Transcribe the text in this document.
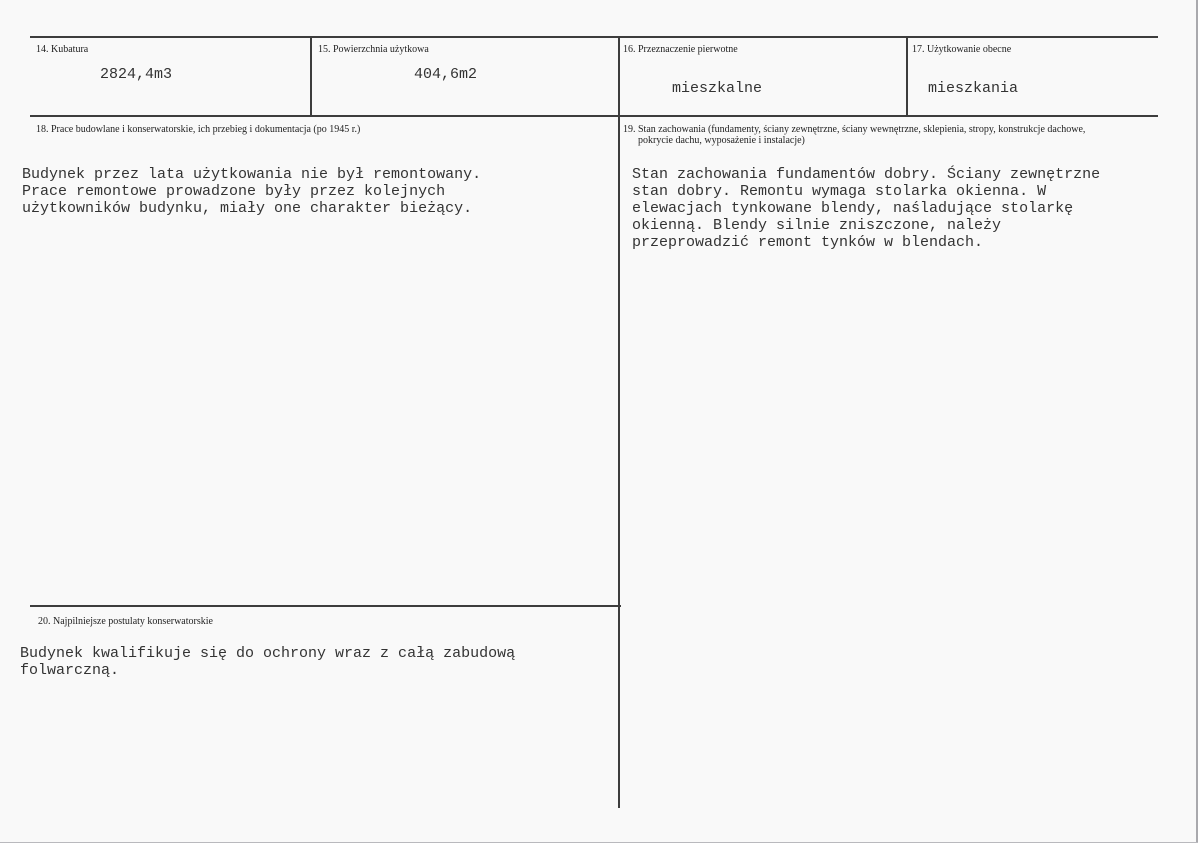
14. Kubatura
2824,4m3
15. Powierzchnia użytkowa
404,6m2
16. Przeznaczenie pierwotne
mieszkalne
17. Użytkowanie obecne
mieszkania
18. Prace budowlane i konserwatorskie, ich przebieg i dokumentacja (po 1945 r.)
Budynek przez lata użytkowania nie był remontowany.
Prace remontowe prowadzone były przez kolejnych
użytkowników budynku, miały one charakter bieżący.
19. Stan zachowania (fundamenty, ściany zewnętrzne, ściany wewnętrzne, sklepienia, stropy, konstrukcje dachowe,
pokrycie dachu, wyposażenie i instalacje)
Stan zachowania fundamentów dobry. Ściany zewnętrzne
stan dobry. Remontu wymaga stolarka okienna. W
elewacjach tynkowane blendy, naśladujące stolarkę
okienną. Blendy silnie zniszczone, należy
przeprowadzić remont tynków w blendach.
20. Najpilniejsze postulaty konserwatorskie
Budynek kwalifikuje się do ochrony wraz z całą zabudową
folwarczną.
